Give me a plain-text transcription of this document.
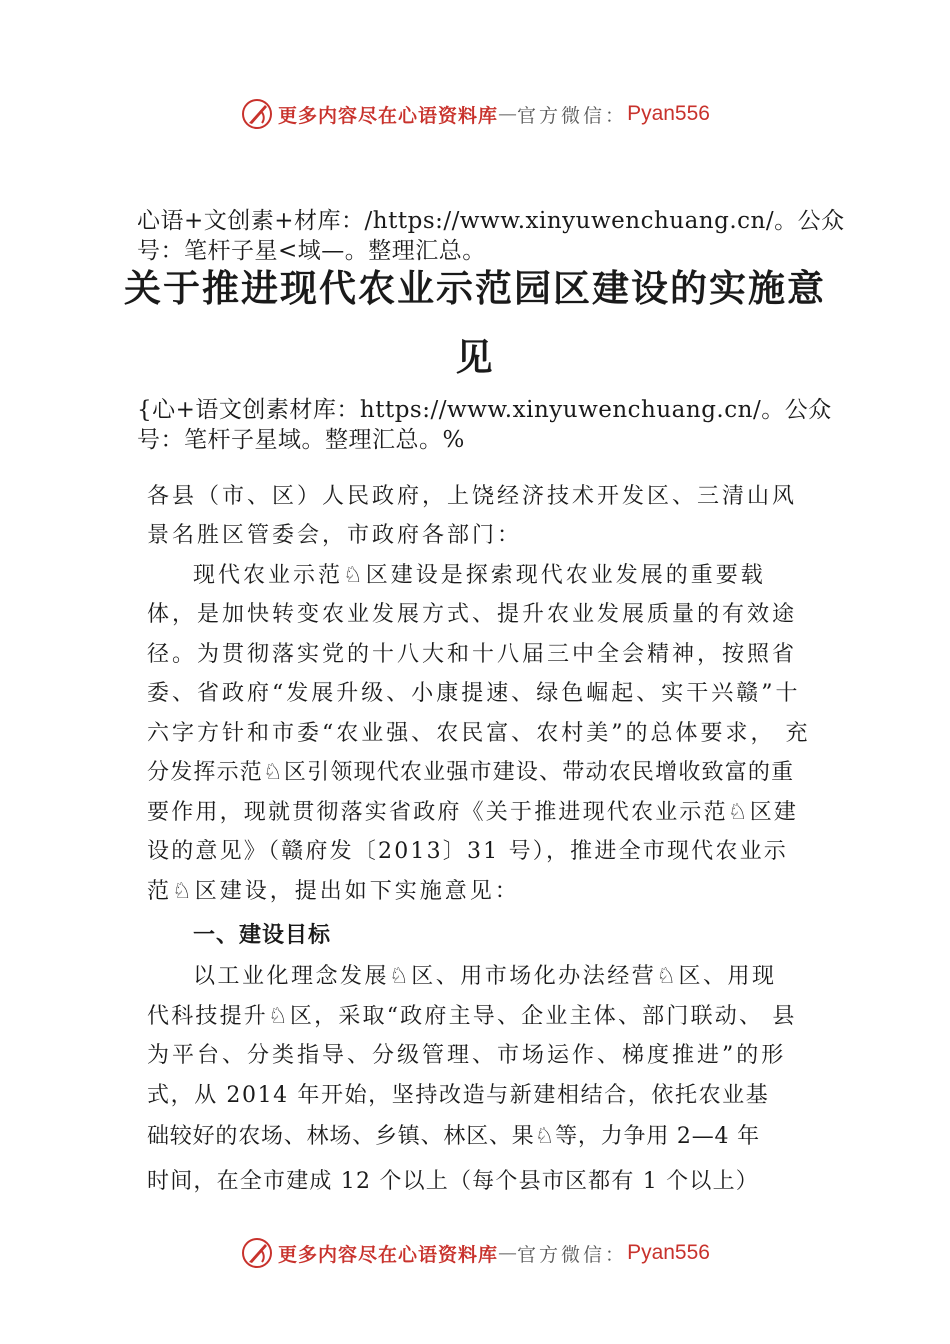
更多内容尽在心语资料库 — 官方微信： Pyan556
心语+文创素+材库：/https://www.xinyuwenchuang.cn/。公众
号：笔杆子星<域—。整理汇总。
关于推进现代农业示范园区建设的实施意
见
{心+语文创素材库：https://www.xinyuwenchuang.cn/。公众
号：笔杆子星域。整理汇总。%
各县（市、区）人民政府，上饶经济技术开发区、三清山风
景名胜区管委会，市政府各部门：
现代农业示范♘区建设是探索现代农业发展的重要载
体，是加快转变农业发展方式、提升农业发展质量的有效途
径。为贯彻落实党的十八大和十八届三中全会精神，按照省
委、省政府“发展升级、小康提速、绿色崛起、实干兴赣”十
六字方针和市委“农业强、农民富、农村美”的总体要求， 充
分发挥示范♘区引领现代农业强市建设、带动农民增收致富的重
要作用，现就贯彻落实省政府《关于推进现代农业示范♘区建
设的意见》（赣府发〔2013〕31 号），推进全市现代农业示
范♘区建设，提出如下实施意见：
一、建设目标
以工业化理念发展♘区、用市场化办法经营♘区、用现
代科技提升♘区，采取“政府主导、企业主体、部门联动、 县
为平台、分类指导、分级管理、市场运作、梯度推进”的形
式，从 2014 年开始，坚持改造与新建相结合，依托农业基
础较好的农场、林场、乡镇、林区、果♘等，力争用 2—4 年
时间，在全市建成 12 个以上（每个县市区都有 1 个以上）
更多内容尽在心语资料库 — 官方微信： Pyan556
